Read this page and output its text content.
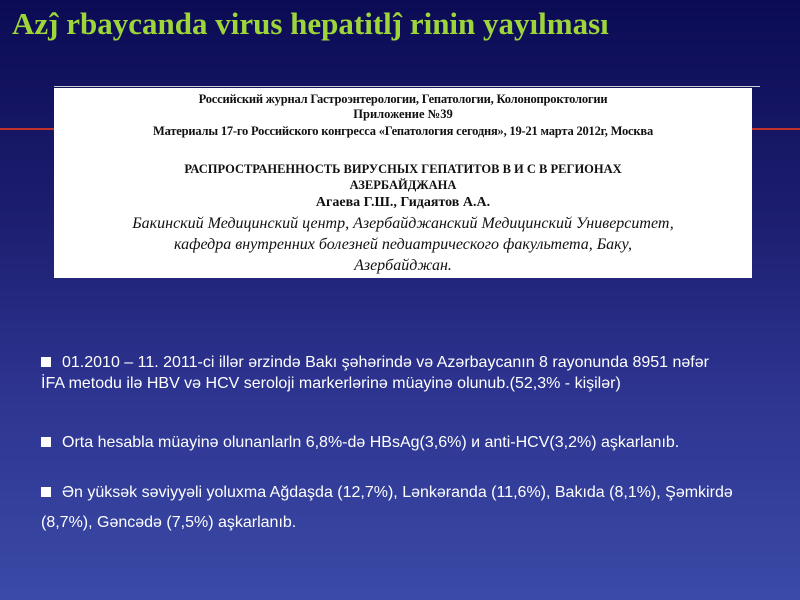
Azĵ rbaycanda virus hepatitlĵ rinin yayılması
Российский журнал Гастроэнтерологии, Гепатологии, Колонопроктологии
Приложение №39
Материалы 17-го Российского конгресса «Гепатология сегодня», 19-21 марта 2012г, Москва
РАСПРОСТРАНЕННОСТЬ ВИРУСНЫХ ГЕПАТИТОВ В И С В РЕГИОНАХ
АЗЕРБАЙДЖАНА
Агаева Г.Ш., Гидаятов А.А.
Бакинский Медицинский центр, Азербайджанский Медицинский Университет,
кафедра внутренних болезней педиатрического факультета, Баку,
Азербайджан.
01.2010 – 11. 2011-ci illər ərzində Bakı şəhərində və Azərbaycanın 8 rayonunda 8951 nəfər İFA metodu ilə HBV və HCV seroloji markerlərinə müayinə olunub.(52,3% - kişilər)
Orta hesabla müayinə olunanlarln 6,8%-də HBsAg(3,6%) и anti-HCV(3,2%) aşkarlanıb.
Ən yüksək səviyyəli yoluxma Ağdaşda (12,7%), Lənkəranda (11,6%), Bakıda (8,1%), Şəmkirdə (8,7%), Gəncədə (7,5%) aşkarlanıb.
